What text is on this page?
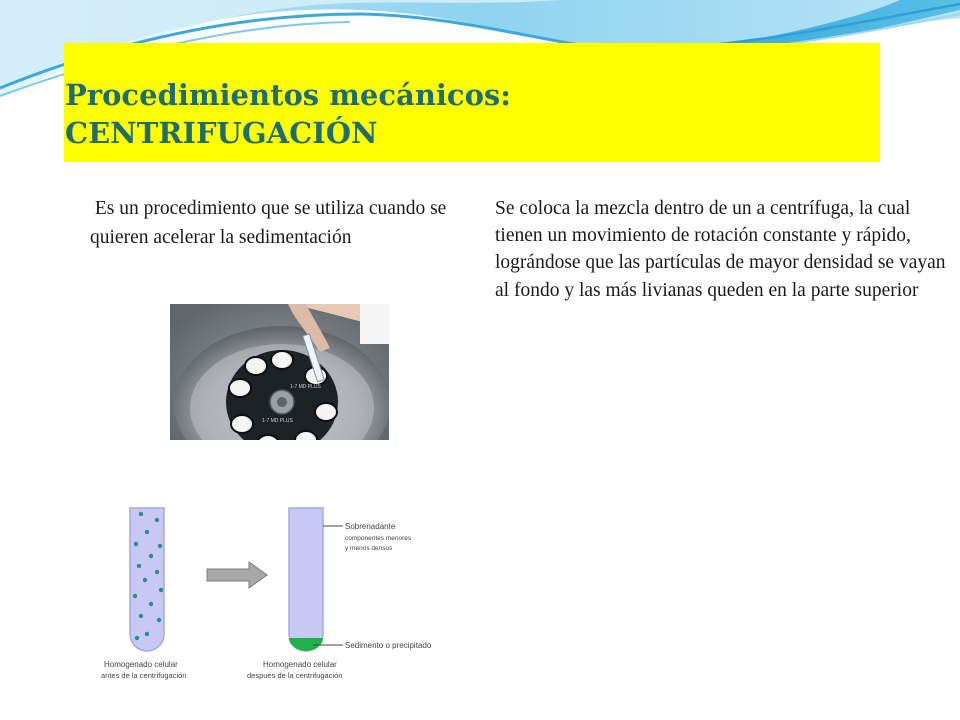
Procedimientos mecánicos:
CENTRIFUGACIÓN
Es un procedimiento que se utiliza cuando se quieren acelerar la sedimentación
Se coloca la mezcla dentro de un a centrífuga, la cual tienen un movimiento de rotación constante y rápido, lográndose que las partículas de mayor densidad se vayan al fondo y las más livianas queden en la parte superior
1-7 MD PLUS
1-7 MD PLUS
Sobrenadante
componentes menores
y menos densos
Sedimento o precipitado
Homogenado celular
antes de la centrifugación
Homogenado celular
después de la centrifugación
